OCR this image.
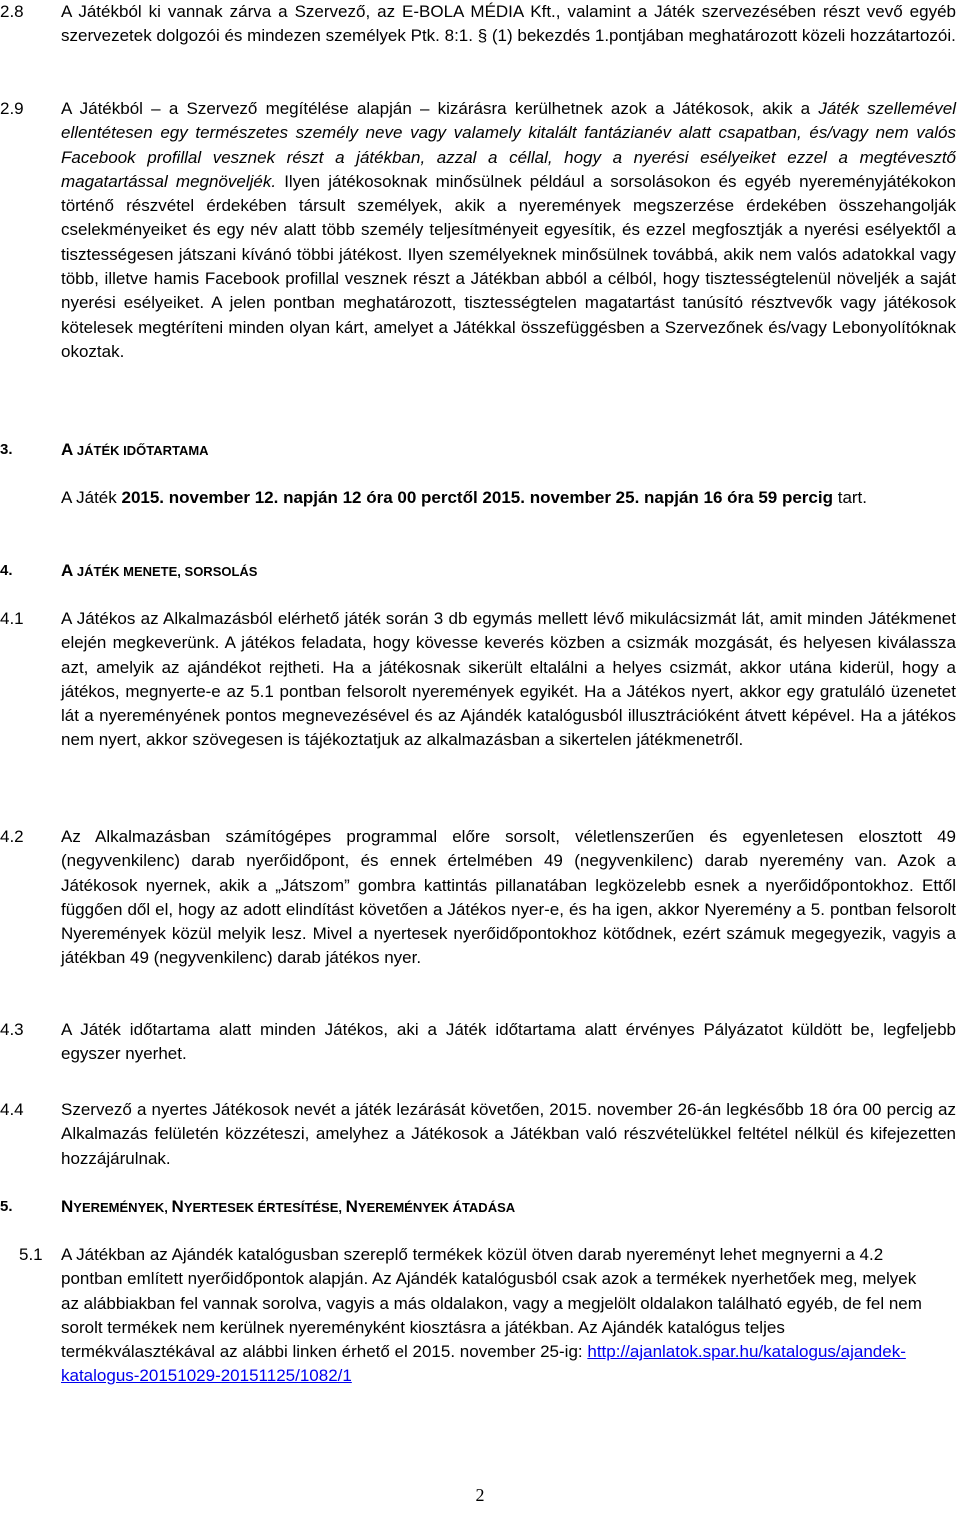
2.8 A Játékból ki vannak zárva a Szervező, az E-BOLA MÉDIA Kft., valamint a Játék szervezésében részt vevő egyéb szervezetek dolgozói és mindezen személyek Ptk. 8:1. § (1) bekezdés 1.pontjában meghatározott közeli hozzátartozói.

2.9 A Játékból – a Szervező megítélése alapján – kizárásra kerülhetnek azok a Játékosok, akik a Játék szellemével ellentétesen egy természetes személy neve vagy valamely kitalált fantázianév alatt csapatban, és/vagy nem valós Facebook profillal vesznek részt a játékban, azzal a céllal, hogy a nyerési esélyeiket ezzel a megtévesztő magatartással megnöveljék. Ilyen játékosoknak minősülnek például a sorsolásokon és egyéb nyereményjátékokon történő részvétel érdekében társult személyek, akik a nyeremények megszerzése érdekében összehangolják cselekményeiket és egy név alatt több személy teljesítményeit egyesítik, és ezzel megfosztják a nyerési esélyektől a tisztességesen játszani kívánó többi játékost. Ilyen személyeknek minősülnek továbbá, akik nem valós adatokkal vagy több, illetve hamis Facebook profillal vesznek részt a Játékban abból a célból, hogy tisztességtelenül növeljék a saját nyerési esélyeiket. A jelen pontban meghatározott, tisztességtelen magatartást tanúsító résztvevők vagy játékosok kötelesek megtéríteni minden olyan kárt, amelyet a Játékkal összefüggésben a Szervezőnek és/vagy Lebonyolítóknak okoztak.

3.	A JÁTÉK IDŐTARTAMA
A Játék 2015. november 12. napján 12 óra 00 perctől 2015. november 25. napján 16 óra 59 percig tart.
4.	A JÁTÉK MENETE, SORSOLÁS
4.1 A Játékos az Alkalmazásból elérhető játék során 3 db egymás mellett lévő mikulácsizmát lát, amit minden Játékmenet elején megkeverünk. A játékos feladata, hogy kövesse keverés közben a csizmák mozgását, és helyesen kiválassza azt, amelyik az ajándékot rejtheti. Ha a játékosnak sikerült eltalálni a helyes csizmát, akkor utána kiderül, hogy a játékos, megnyerte-e az 5.1 pontban felsorolt nyeremények egyikét. Ha a Játékos nyert, akkor egy gratuláló üzenetet lát a nyereményének pontos megnevezésével és az Ajándék katalógusból illusztrációként átvett képével. Ha a játékos nem nyert, akkor szövegesen is tájékoztatjuk az alkalmazásban a sikertelen játékmenetről.

4.2 Az Alkalmazásban számítógépes programmal előre sorsolt, véletlenszerűen és egyenletesen elosztott 49 (negyvenkilenc) darab nyerőidőpont, és ennek értelmében 49 (negyvenkilenc) darab nyeremény van. Azok a Játékosok nyernek, akik a „Játszom” gombra kattintás pillanatában legközelebb esnek a nyerőidőpontokhoz. Ettől függően dől el, hogy az adott elindítást követően a Játékos nyer-e, és ha igen, akkor Nyeremény a 5. pontban felsorolt Nyeremények közül melyik lesz. Mivel a nyertesek nyerőidőpontokhoz kötődnek, ezért számuk megegyezik, vagyis a játékban 49 (negyvenkilenc) darab játékos nyer.

4.3 A Játék időtartama alatt minden Játékos, aki a Játék időtartama alatt érvényes Pályázatot küldött be, legfeljebb egyszer nyerhet.

4.4 Szervező a nyertes Játékosok nevét a játék lezárását követően, 2015. november 26-án legkésőbb 18 óra 00 percig az Alkalmazás felületén közzéteszi, amelyhez a Játékosok a Játékban való részvételükkel feltétel nélkül és kifejezetten hozzájárulnak.

5.	NYEREMÉNYEK, NYERTESEK ÉRTESÍTÉSE, NYEREMÉNYEK ÁTADÁSA
5.1 A Játékban az Ajándék katalógusban szereplő termékek közül ötven darab nyereményt lehet megnyerni a 4.2 pontban említett nyerőidőpontok alapján. Az Ajándék katalógusból csak azok a termékek nyerhetőek meg, melyek az alábbiakban fel vannak sorolva, vagyis a más oldalakon, vagy a megjelölt oldalakon található egyéb, de fel nem sorolt termékek nem kerülnek nyereményként kiosztásra a játékban. Az Ajándék katalógus teljes termékválasztékával az alábbi linken érhető el 2015. november 25-ig: http://ajanlatok.spar.hu/katalogus/ajandek-katalogus-20151029-20151125/1082/1

2
